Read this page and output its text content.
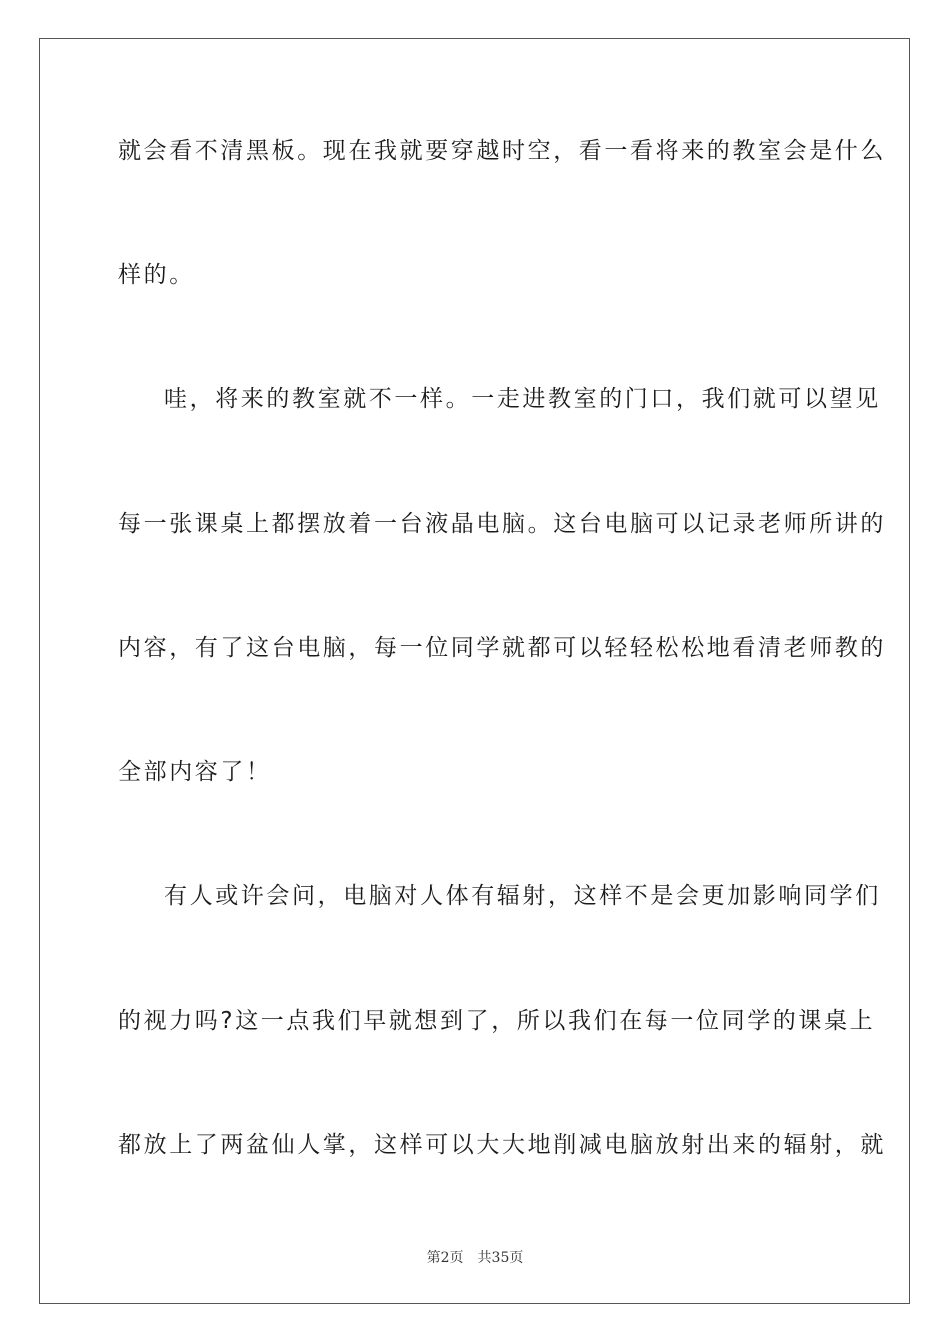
就会看不清黑板。现在我就要穿越时空，看一看将来的教室会是什么
样的。
哇，将来的教室就不一样。一走进教室的门口，我们就可以望见
每一张课桌上都摆放着一台液晶电脑。这台电脑可以记录老师所讲的
内容，有了这台电脑，每一位同学就都可以轻轻松松地看清老师教的
全部内容了！
有人或许会问，电脑对人体有辐射，这样不是会更加影响同学们
的视力吗?这一点我们早就想到了，所以我们在每一位同学的课桌上
都放上了两盆仙人掌，这样可以大大地削减电脑放射出来的辐射，就
第2页 共35页
